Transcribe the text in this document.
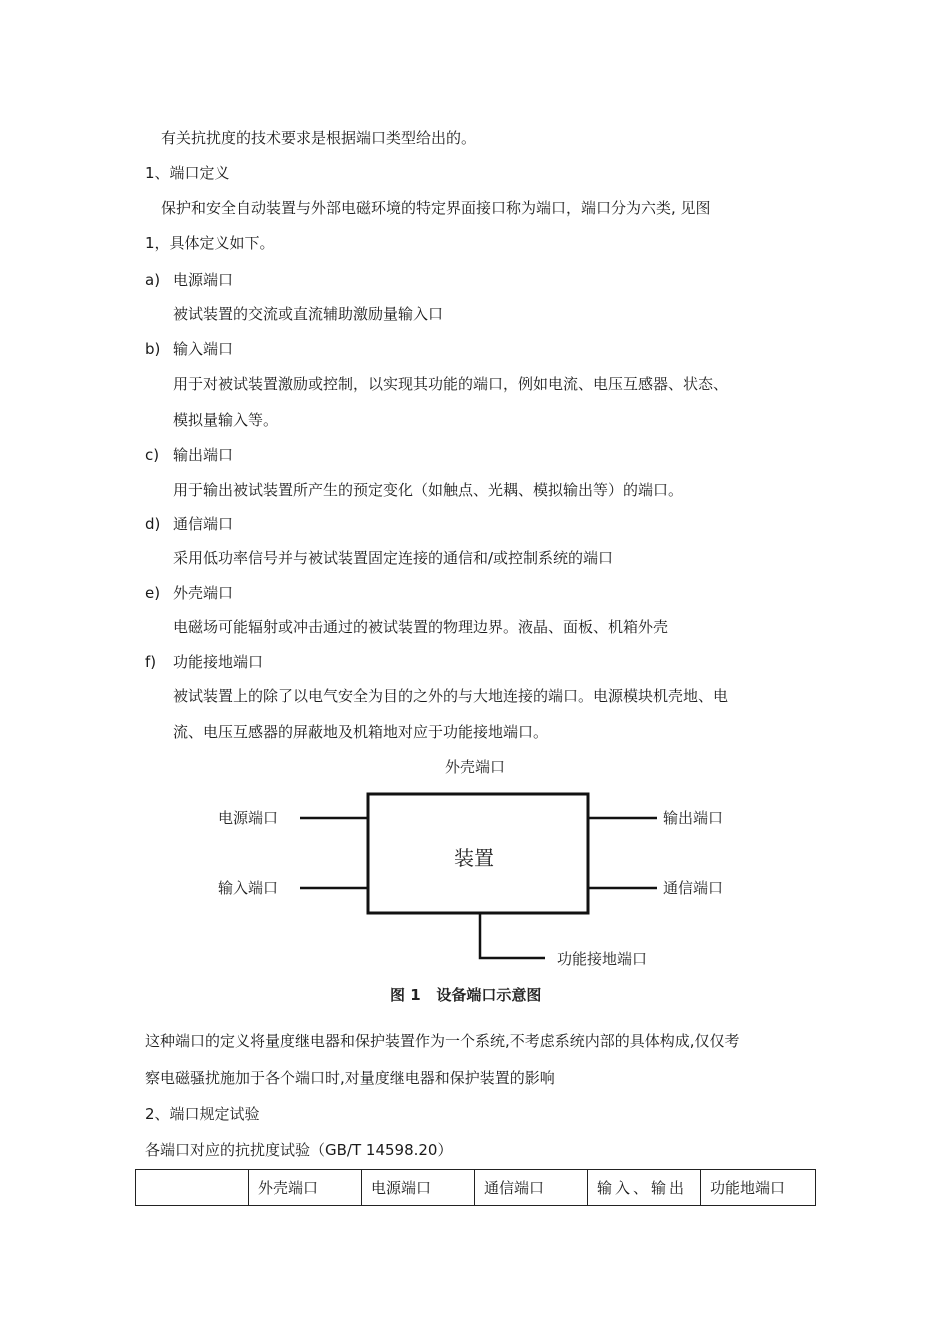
有关抗扰度的技术要求是根据端口类型给出的。
1、端口定义
保护和安全自动装置与外部电磁环境的特定界面接口称为端口，端口分为六类, 见图
1，具体定义如下。
a) 电源端口
被试装置的交流或直流辅助激励量输入口
b) 输入端口
用于对被试装置激励或控制，以实现其功能的端口，例如电流、电压互感器、状态、
模拟量输入等。
c) 输出端口
用于输出被试装置所产生的预定变化（如触点、光耦、模拟输出等）的端口。
d) 通信端口
采用低功率信号并与被试装置固定连接的通信和/或控制系统的端口
e) 外壳端口
电磁场可能辐射或冲击通过的被试装置的物理边界。液晶、面板、机箱外壳
f) 功能接地端口
被试装置上的除了以电气安全为目的之外的与大地连接的端口。电源模块机壳地、电
流、电压互感器的屏蔽地及机箱地对应于功能接地端口。
外壳端口
装置
电源端口
输入端口
输出端口
通信端口
功能接地端口
图 1   设备端口示意图
这种端口的定义将量度继电器和保护装置作为一个系统,不考虑系统内部的具体构成,仅仅考
察电磁骚扰施加于各个端口时,对量度继电器和保护装置的影响
2、端口规定试验
各端口对应的抗扰度试验（GB/T 14598.20）
	外壳端口	电源端口	通信端口	输入、输出	功能地端口
